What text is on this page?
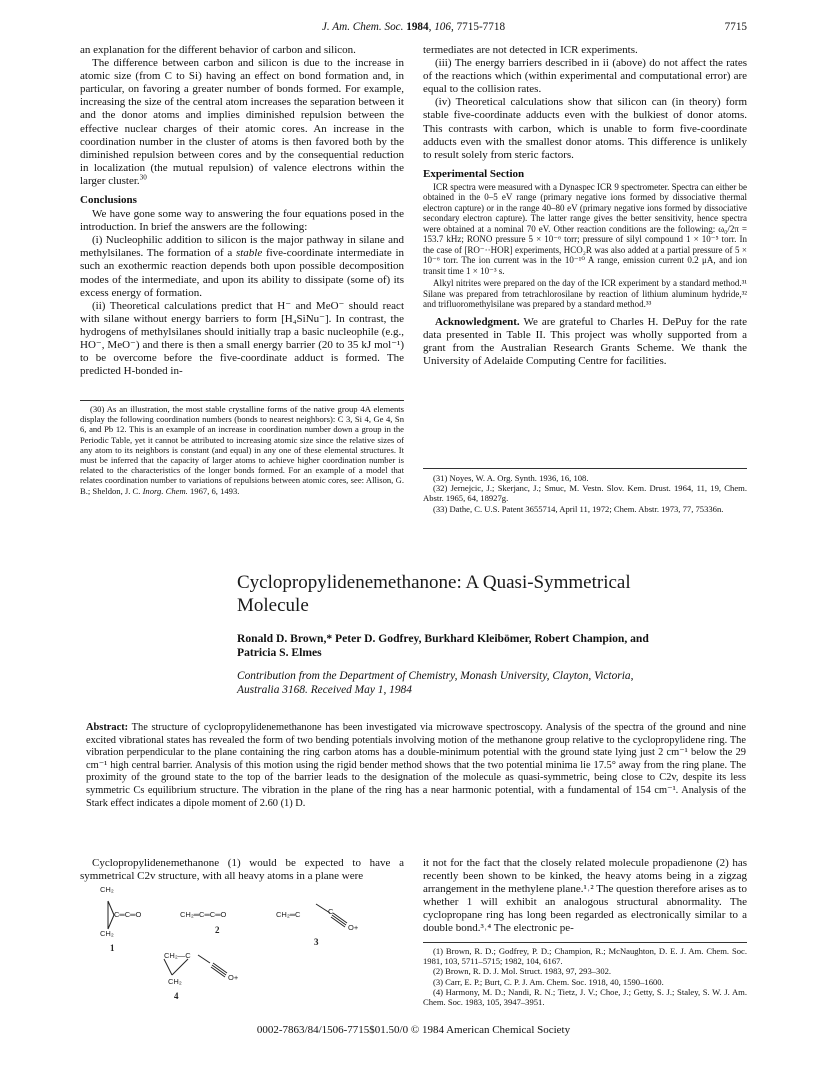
J. Am. Chem. Soc. 1984, 106, 7715-7718	7715

an explanation for the different behavior of carbon and silicon.

The difference between carbon and silicon is due to the increase in atomic size (from C to Si) having an effect on bond formation and, in particular, on favoring a greater number of bonds formed. For example, increasing the size of the central atom increases the separation between it and the donor atoms and implies diminished repulsion between the effective nuclear charges of their atomic cores. An increase in the coordination number in the cluster of atoms is then favored both by the diminished repulsion between cores and by the consequential reduction in localization (the mutual repulsion) of valence electrons within the larger cluster.$^{30}$

Conclusions

We have gone some way to answering the four equations posed in the introduction. In brief the answers are the following:

(i) Nucleophilic addition to silicon is the major pathway in silane and methylsilanes. The formation of a stable five-coordinate intermediate in such an exothermic reaction depends both upon possible decomposition modes of the intermediate, and upon its ability to dissipate (some of) its excess energy of formation.

(ii) Theoretical calculations predict that H⁻ and MeO⁻ should react with silane without energy barriers to form [H₄SiNu⁻]. In contrast, the hydrogens of methylsilanes should initially trap a basic nucleophile (e.g., HO⁻, MeO⁻) and there is then a small energy barrier (20 to 35 kJ mol⁻¹) to be overcome before the five-coordinate adduct is formed. The predicted H-bonded in-

(30) As an illustration, the most stable crystalline forms of the native group 4A elements display the following coordination numbers (bonds to nearest neighbors): C 3, Si 4, Ge 4, Sn 6, and Pb 12. This is an example of an increase in coordination number down a group in the Periodic Table, yet it cannot be attributed to increasing atomic size since the relative sizes of any atom to its neighbors is constant (and equal) in any one of these elemental structures. It must be inferred that the capacity of larger atoms to achieve higher coordination number is related to the characteristics of the longer bonds formed. For an example of a model that relates coordination number to variations of repulsions between atomic cores, see: Allison, G. B.; Sheldon, J. C. Inorg. Chem. 1967, 6, 1493.

termediates are not detected in ICR experiments.

(iii) The energy barriers described in ii (above) do not affect the rates of the reactions which (within experimental and computational error) are equal to the collision rates.

(iv) Theoretical calculations show that silicon can (in theory) form stable five-coordinate adducts even with the bulkiest of donor atoms. This contrasts with carbon, which is unable to form five-coordinate adducts even with the smallest donor atoms. This difference is unlikely to result solely from steric factors.

Experimental Section

ICR spectra were measured with a Dynaspec ICR 9 spectrometer. Spectra can either be obtained in the 0–5 eV range (primary negative ions formed by dissociative thermal electron capture) or in the range 40–80 eV (primary negative ions formed by dissociative secondary electron capture). The latter range gives the better sensitivity, hence spectra were obtained at a nominal 70 eV. Other reaction conditions are the following: ω₀/2π = 153.7 kHz; RONO pressure 5 × 10⁻⁶ torr; pressure of silyl compound 1 × 10⁻⁵ torr. In the case of [RO⁻··HOR] experiments, HCO₂R was also added at a partial pressure of 5 × 10⁻⁶ torr. The ion current was in the 10⁻¹⁰ A range, emission current 0.2 μA, and ion transit time 1 × 10⁻³ s.

Alkyl nitrites were prepared on the day of the ICR experiment by a standard method.³¹ Silane was prepared from tetrachlorosilane by reaction of lithium aluminum hydride,³² and trifluoromethylsilane was prepared by a standard method.³³

Acknowledgment. We are grateful to Charles H. DePuy for the rate data presented in Table II. This project was wholly supported from a grant from the Australian Research Grants Scheme. We thank the University of Adelaide Computing Centre for facilities.

(31) Noyes, W. A. Org. Synth. 1936, 16, 108.

(32) Jernejcic, J.; Skerjanc, J.; Smuc, M. Vestn. Slov. Kem. Drust. 1964, 11, 19, Chem. Abstr. 1965, 64, 18927g.

(33) Dathe, C. U.S. Patent 3655714, April 11, 1972; Chem. Abstr. 1973, 77, 75336n.

Cyclopropylidenemethanone: A Quasi-Symmetrical
Molecule
Ronald D. Brown,* Peter D. Godfrey, Burkhard Kleibömer, Robert Champion, and
Patricia S. Elmes
Contribution from the Department of Chemistry, Monash University, Clayton, Victoria,
Australia 3168. Received May 1, 1984
Abstract: The structure of cyclopropylidenemethanone has been investigated via microwave spectroscopy. Analysis of the spectra of the ground and nine excited vibrational states has revealed the form of two bending potentials involving motion of the methanone group relative to the cyclopropylidene ring. The vibration perpendicular to the plane containing the ring carbon atoms has a double-minimum potential with the ground state lying just 2 cm⁻¹ below the 29 cm⁻¹ high central barrier. Analysis of this motion using the rigid bender method shows that the two potential minima lie 17.5° away from the ring plane. The proximity of the ground state to the top of the barrier leads to the designation of the molecule as quasi-symmetric, being close to C2v, despite its less symmetric Cs equilibrium structure. The vibration in the plane of the ring has a near harmonic potential, with a fundamental of 154 cm⁻¹. Analysis of the Stark effect indicates a dipole moment of 2.60 (1) D.

Cyclopropylidenemethanone (1) would be expected to have a symmetrical C2v structure, with all heavy atoms in a plane were

CH₂
CH₂
C═C═O
1
CH₂═C═C═O
2
CH₂═C	C
O+
3
CH₂—C
CH₂	O+
4

it not for the fact that the closely related molecule propadienone (2) has recently been shown to be kinked, the heavy atoms being in a zigzag arrangement in the methylene plane.¹˒² The question therefore arises as to whether 1 will exhibit an analogous structural abnormality. The cyclopropane ring has long been regarded as electronically similar to a double bond.³˒⁴ The electronic pe-

(1) Brown, R. D.; Godfrey, P. D.; Champion, R.; McNaughton, D. E. J. Am. Chem. Soc. 1981, 103, 5711–5715; 1982, 104, 6167.

(2) Brown, R. D. J. Mol. Struct. 1983, 97, 293–302.

(3) Carr, E. P.; Burt, C. P. J. Am. Chem. Soc. 1918, 40, 1590–1600.

(4) Harmony, M. D.; Nandi, R. N.; Tietz, J. V.; Choe, J.; Getty, S. J.; Staley, S. W. J. Am. Chem. Soc. 1983, 105, 3947–3951.

0002-7863/84/1506-7715$01.50/0 © 1984 American Chemical Society
